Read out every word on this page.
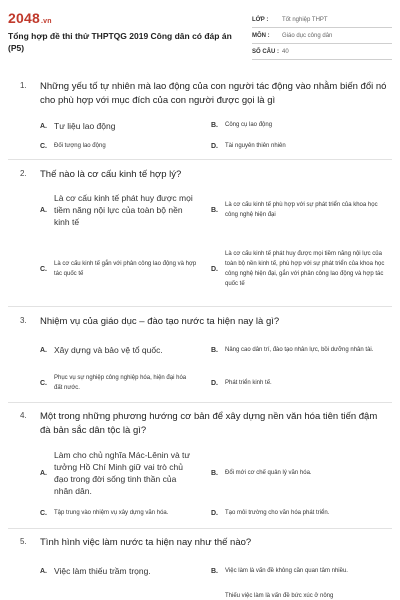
2048.vn
Tổng hợp đề thi thử THPTQG 2019 Công dân có đáp án (P5)
LỚP :	Tốt nghiệp THPT
MÔN :	Giáo dục công dân
SỐ CÂU : 40
1.	Những yếu tố tự nhiên mà lao động của con người tác động vào nhằm biến đổi nó cho phù hợp với mục đích của con người được gọi là gì
A. Tư liệu lao động	B.	Công cụ lao động
C.	Đối tượng lao động	D.	Tài nguyên thiên nhiên
2.	Thế nào là cơ cấu kinh tế hợp lý?
A.
Là cơ cấu kinh tế phát huy được mọi tiềm năng nội lực của toàn bộ nền kinh tế
B.
Là cơ cấu kinh tế phù hợp với sự phát triển của khoa học công nghệ hiện đại
C.
Là cơ cấu kinh tế gắn với phân công lao động và hợp tác quốc tế
D.
Là cơ cấu kinh tế phát huy được mọi tiềm năng nội lực của toàn bộ nền kinh tế, phù hợp với sự phát triển của khoa học công nghệ hiện đại, gắn với phân công lao động và hợp tác quốc tế
3.	Nhiệm vụ của giáo dục – đào tạo nước ta hiện nay là gì?
A. Xây dựng và bảo vệ tổ quốc.	B.	Nâng cao dân trí, đào tạo nhân lực, bồi dưỡng nhân tài.
C.
Phục vụ sự nghiệp công nghiệp hóa, hiện đại hóa đất nước.
D.	Phát triển kinh tế.
4.	Một trong những phương hướng cơ bản để xây dựng nền văn hóa tiên tiến đậm đà bản sắc dân tộc là gì?
A.
Làm cho chủ nghĩa Mác-Lênin và tư tưởng Hồ Chí Minh giữ vai trò chủ đạo trong đời sống tinh thần của nhân dân.
B.	Đổi mới cơ chế quản lý văn hóa.
C.	Tập trung vào nhiệm vụ xây dựng văn hóa.	D.	Tạo môi trường cho văn hóa phát triển.
5.	Tình hình việc làm nước ta hiện nay như thế nào?
A. Việc làm thiếu trầm trọng.	B.	Việc làm là vấn đề không cần quan tâm nhiều.
Thiếu việc làm là vấn đề bức xúc ở nông
